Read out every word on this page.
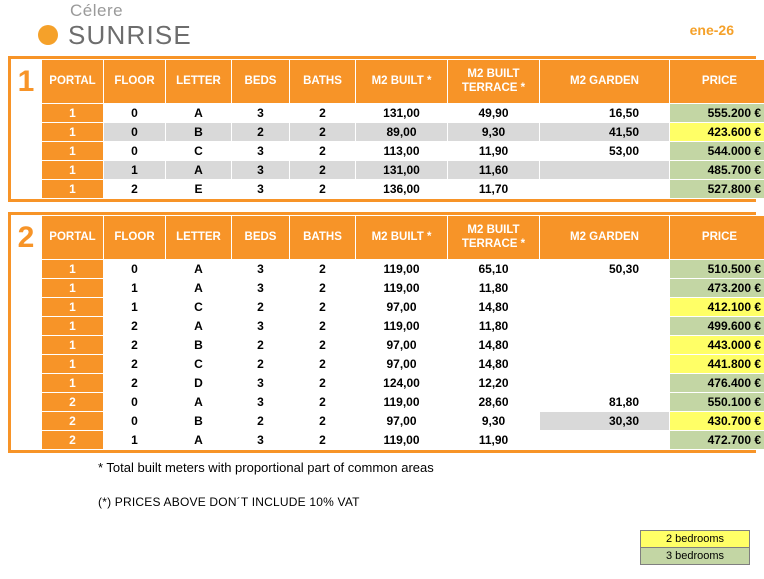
Célere
SUNRISE	ene-26
1	PORTAL	FLOOR	LETTER	BEDS	BATHS	M2 BUILT *	M2 BUILT
TERRACE *	M2 GARDEN	PRICE
1	0	A	3	2	131,00	49,90	16,50	555.200 €
1	0	B	2	2	89,00	9,30	41,50	423.600 €
1	0	C	3	2	113,00	11,90	53,00	544.000 €
1	1	A	3	2	131,00	11,60		485.700 €
1	2	E	3	2	136,00	11,70		527.800 €
2	PORTAL	FLOOR	LETTER	BEDS	BATHS	M2 BUILT *	M2 BUILT
TERRACE *	M2 GARDEN	PRICE
1	0	A	3	2	119,00	65,10	50,30	510.500 €
1	1	A	3	2	119,00	11,80		473.200 €
1	1	C	2	2	97,00	14,80		412.100 €
1	2	A	3	2	119,00	11,80		499.600 €
1	2	B	2	2	97,00	14,80		443.000 €
1	2	C	2	2	97,00	14,80		441.800 €
1	2	D	3	2	124,00	12,20		476.400 €
2	0	A	3	2	119,00	28,60	81,80	550.100 €
2	0	B	2	2	97,00	9,30	30,30	430.700 €
2	1	A	3	2	119,00	11,90		472.700 €
* Total built meters with proportional part of common areas
(*) PRICES ABOVE DON´T INCLUDE 10% VAT
2 bedrooms
3 bedrooms
